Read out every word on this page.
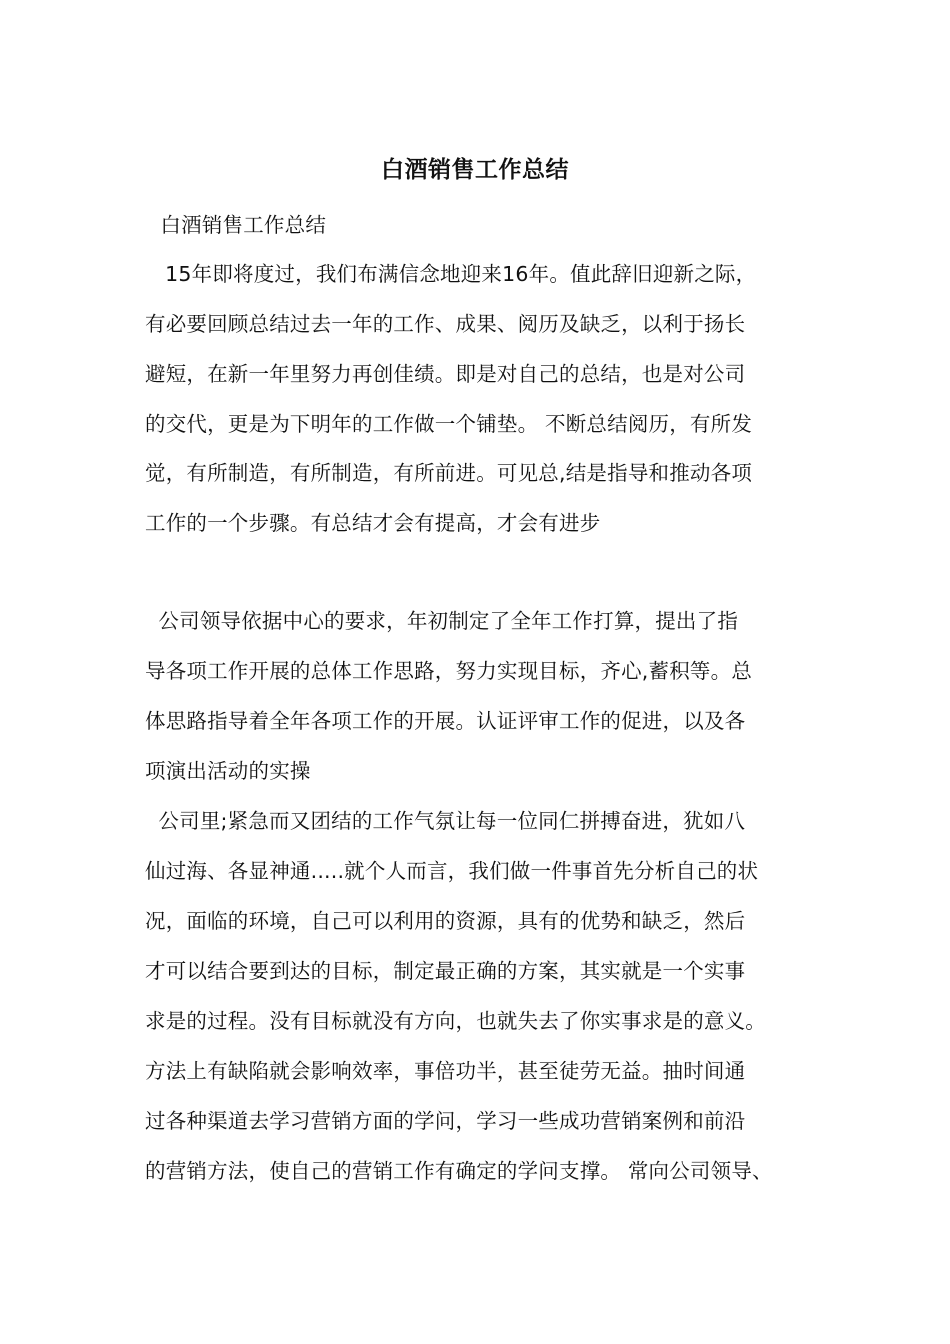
白酒销售工作总结
白酒销售工作总结
15年即将度过，我们布满信念地迎来16年。值此辞旧迎新之际，
有必要回顾总结过去一年的工作、成果、阅历及缺乏，以利于扬长
避短，在新一年里努力再创佳绩。即是对自己的总结，也是对公司
的交代，更是为下明年的工作做一个铺垫。 不断总结阅历，有所发
觉，有所制造，有所制造，有所前进。可见总,结是指导和推动各项
工作的一个步骤。有总结才会有提高，才会有进步
公司领导依据中心的要求，年初制定了全年工作打算，提出了指
导各项工作开展的总体工作思路，努力实现目标，齐心,蓄积等。总
体思路指导着全年各项工作的开展。认证评审工作的促进，以及各
项演出活动的实操
公司里;紧急而又团结的工作气氛让每一位同仁拼搏奋进，犹如八
仙过海、各显神通.....就个人而言，我们做一件事首先分析自己的状
况，面临的环境，自己可以利用的资源，具有的优势和缺乏，然后
才可以结合要到达的目标，制定最正确的方案，其实就是一个实事
求是的过程。没有目标就没有方向，也就失去了你实事求是的意义。
方法上有缺陷就会影响效率，事倍功半，甚至徒劳无益。抽时间通
过各种渠道去学习营销方面的学问，学习一些成功营销案例和前沿
的营销方法，使自己的营销工作有确定的学问支撑。 常向公司领导、
